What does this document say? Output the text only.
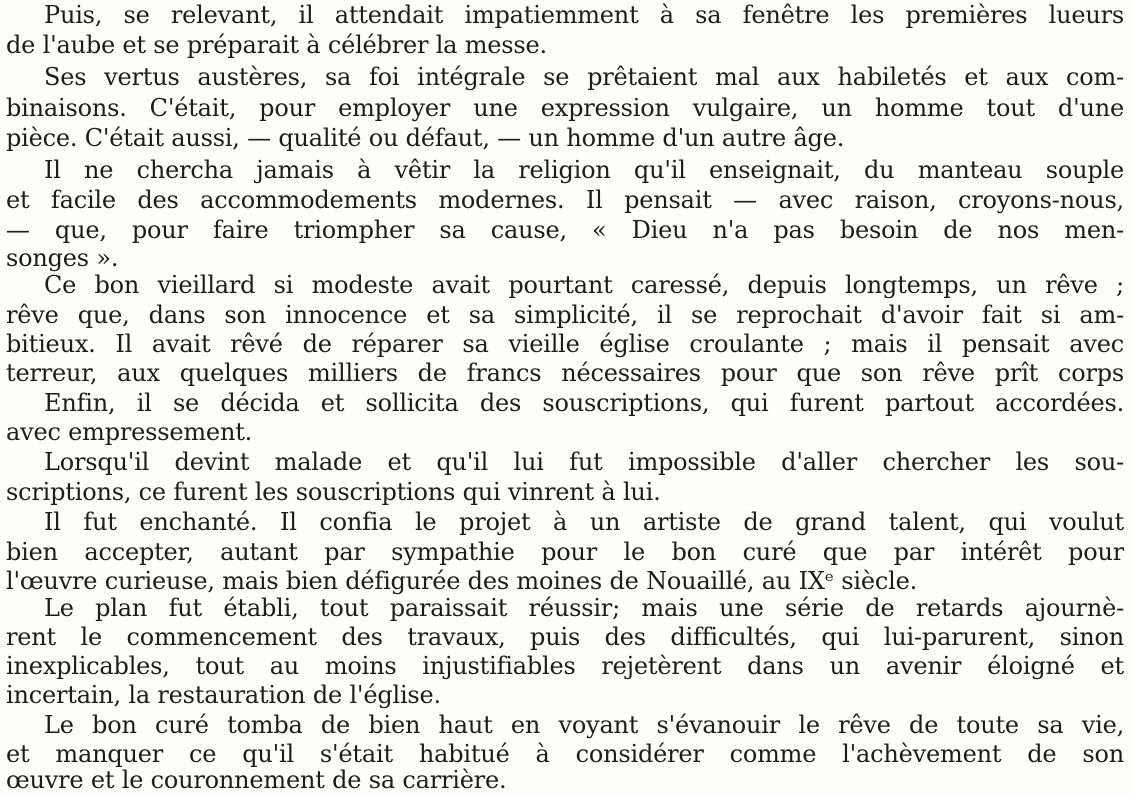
Puis, se relevant, il attendait impatiemment à sa fenêtre les premières lueurs
de l'aube et se préparait à célébrer la messe.
Ses vertus austères, sa foi intégrale se prêtaient mal aux habiletés et aux com-
binaisons. C'était, pour employer une expression vulgaire, un homme tout d'une
pièce. C'était aussi, — qualité ou défaut, — un homme d'un autre âge.
Il ne chercha jamais à vêtir la religion qu'il enseignait, du manteau souple
et facile des accommodements modernes. Il pensait — avec raison, croyons-nous,
— que, pour faire triompher sa cause, « Dieu n'a pas besoin de nos men-
songes ».
Ce bon vieillard si modeste avait pourtant caressé, depuis longtemps, un rêve ;
rêve que, dans son innocence et sa simplicité, il se reprochait d'avoir fait si am-
bitieux. Il avait rêvé de réparer sa vieille église croulante ; mais il pensait avec
terreur, aux quelques milliers de francs nécessaires pour que son rêve prît corps
Enfin, il se décida et sollicita des souscriptions, qui furent partout accordées.
avec empressement.
Lorsqu'il devint malade et qu'il lui fut impossible d'aller chercher les sou-
scriptions, ce furent les souscriptions qui vinrent à lui.
Il fut enchanté. Il confia le projet à un artiste de grand talent, qui voulut
bien accepter, autant par sympathie pour le bon curé que par intérêt pour
l'œuvre curieuse, mais bien défigurée des moines de Nouaillé, au IXᵉ siècle.
Le plan fut établi, tout paraissait réussir; mais une série de retards ajournè-
rent le commencement des travaux, puis des difficultés, qui lui-parurent, sinon
inexplicables, tout au moins injustifiables rejetèrent dans un avenir éloigné et
incertain, la restauration de l'église.
Le bon curé tomba de bien haut en voyant s'évanouir le rêve de toute sa vie,
et manquer ce qu'il s'était habitué à considérer comme l'achèvement de son
œuvre et le couronnement de sa carrière.
